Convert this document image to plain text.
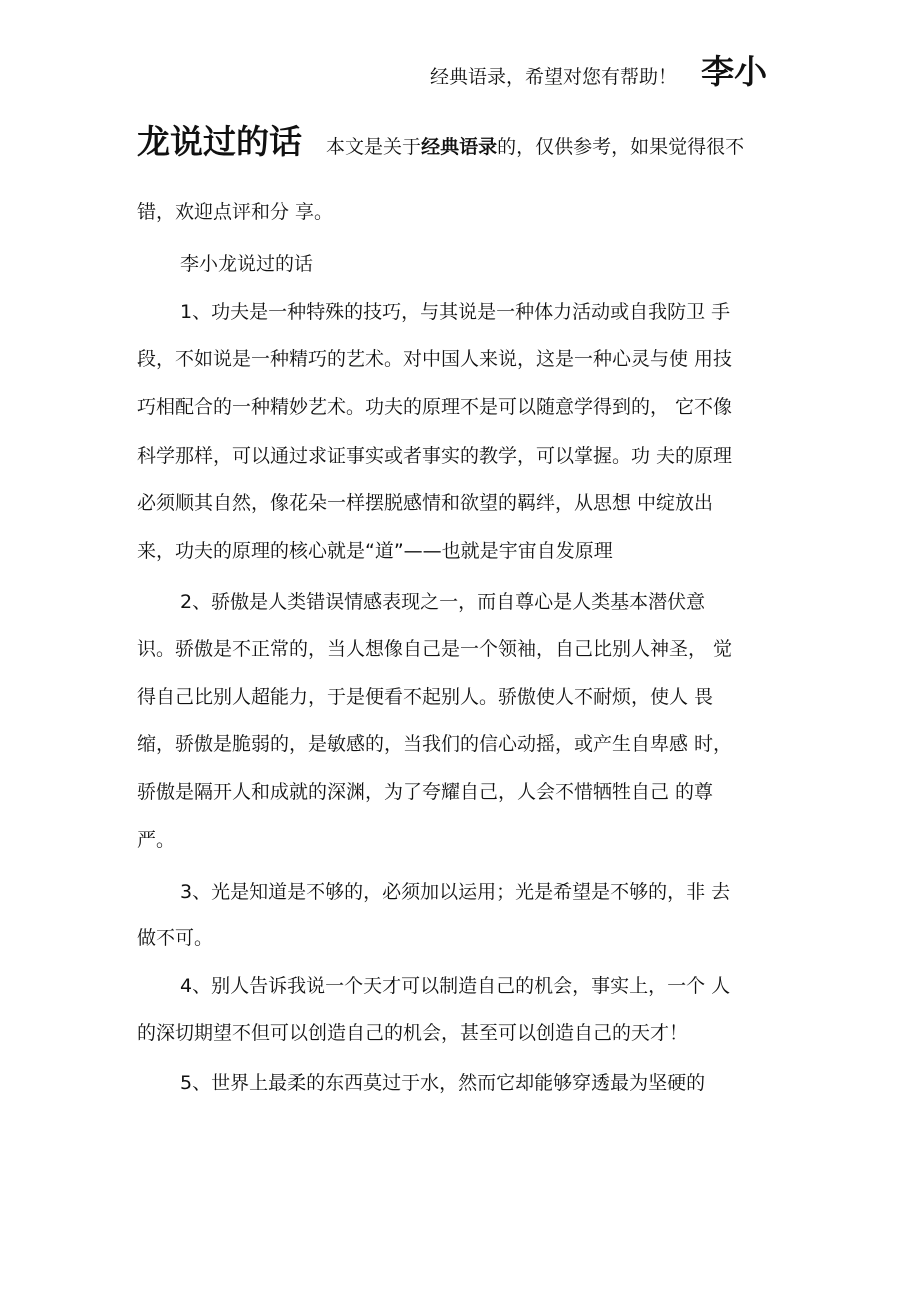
经典语录，希望对您有帮助！ 李小
龙说过的话 本文是关于经典语录的，仅供参考，如果觉得很不
错，欢迎点评和分 享。
李小龙说过的话
1、功夫是一种特殊的技巧，与其说是一种体力活动或自我防卫 手
段，不如说是一种精巧的艺术。对中国人来说，这是一种心灵与使 用技
巧相配合的一种精妙艺术。功夫的原理不是可以随意学得到的， 它不像
科学那样，可以通过求证事实或者事实的教学，可以掌握。功 夫的原理
必须顺其自然，像花朵一样摆脱感情和欲望的羁绊，从思想 中绽放出
来，功夫的原理的核心就是“道”——也就是宇宙自发原理
2、骄傲是人类错误情感表现之一，而自尊心是人类基本潜伏意
识。骄傲是不正常的，当人想像自己是一个领袖，自己比别人神圣， 觉
得自己比别人超能力，于是便看不起别人。骄傲使人不耐烦，使人 畏
缩，骄傲是脆弱的，是敏感的，当我们的信心动摇，或产生自卑感 时，
骄傲是隔开人和成就的深渊，为了夸耀自己，人会不惜牺牲自己 的尊
严。
3、光是知道是不够的，必须加以运用；光是希望是不够的，非 去
做不可。
4、别人告诉我说一个天才可以制造自己的机会，事实上，一个 人
的深切期望不但可以创造自己的机会，甚至可以创造自己的天才！
5、世界上最柔的东西莫过于水，然而它却能够穿透最为坚硬的
